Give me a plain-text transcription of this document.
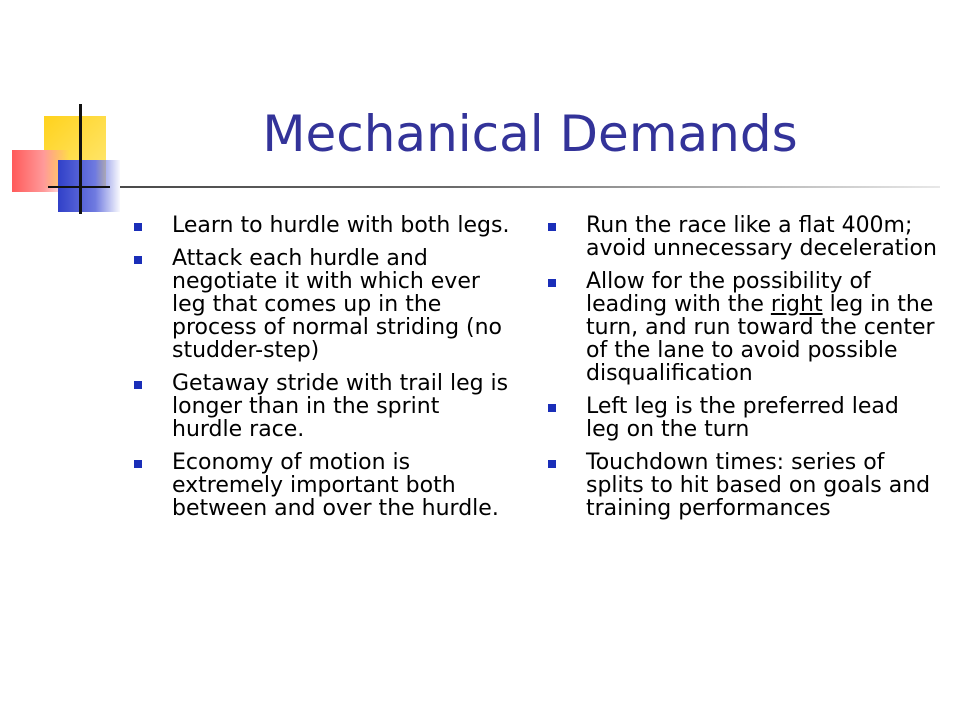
Mechanical Demands
Learn to hurdle with both legs.
Attack each hurdle and negotiate it with which ever leg that comes up in the process of normal striding (no studder-step)
Getaway stride with trail leg is longer than in the sprint hurdle race.
Economy of motion is extremely important both between and over the hurdle.
Run the race like a flat 400m; avoid unnecessary deceleration
Allow for the possibility of leading with the right leg in the turn, and run toward the center of the lane to avoid possible disqualification
Left leg is the preferred lead leg on the turn
Touchdown times: series of splits to hit based on goals and training performances
